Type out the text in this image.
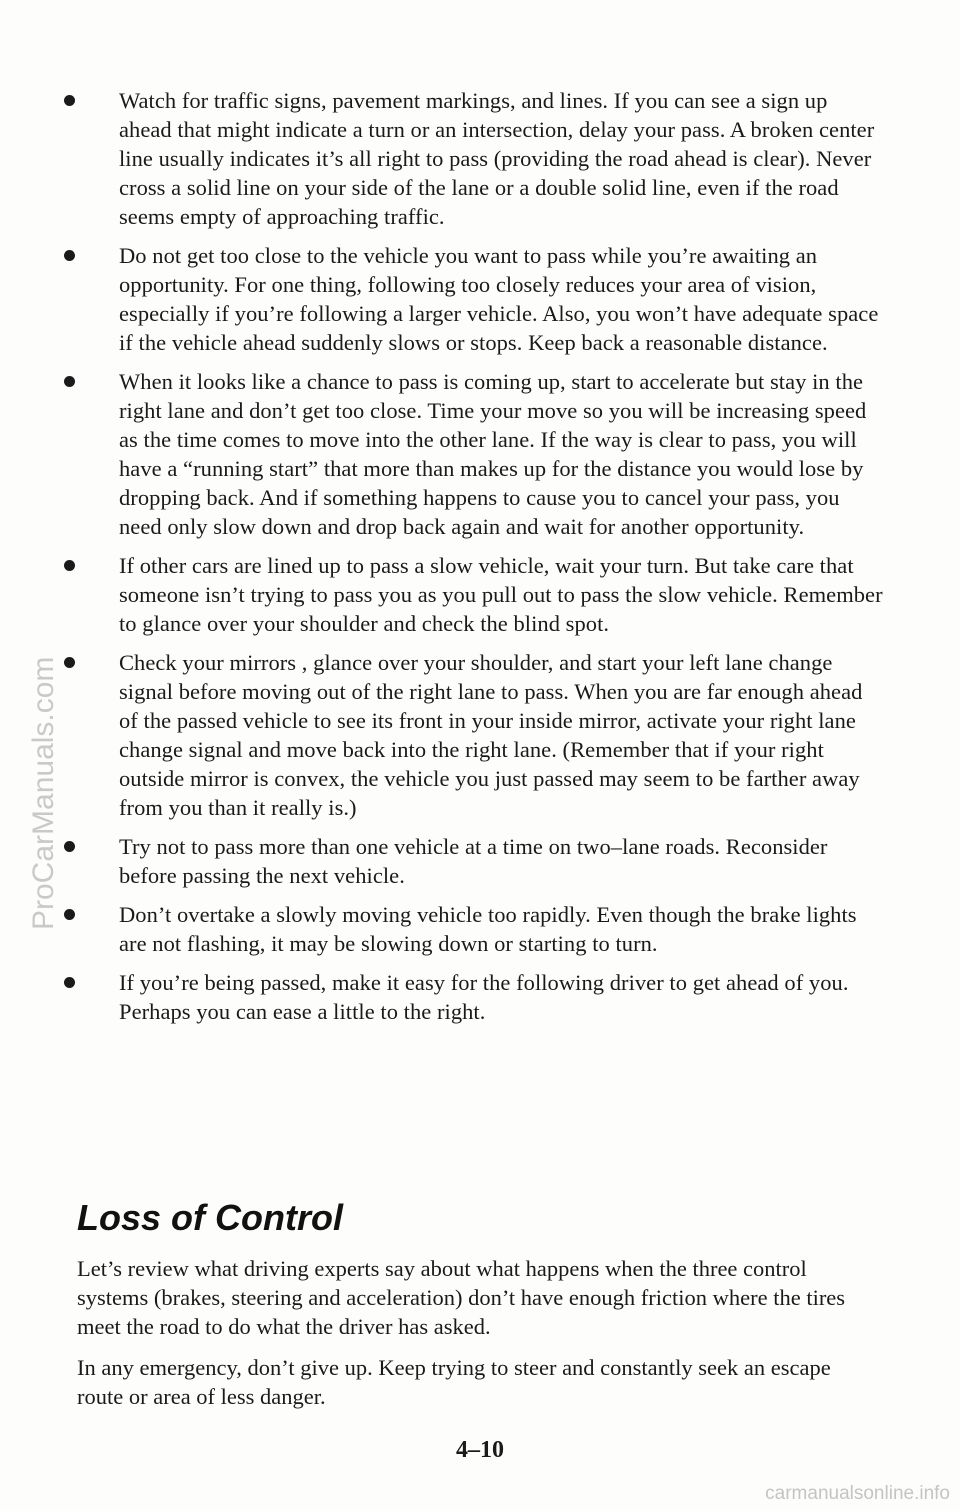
Watch for traffic signs, pavement markings, and lines. If you can see a sign up ahead that might indicate a turn or an intersection, delay your pass. A broken center line usually indicates it’s all right to pass (providing the road ahead is clear). Never cross a solid line on your side of the lane or a double solid line, even if the road seems empty of approaching traffic.
Do not get too close to the vehicle you want to pass while you’re awaiting an opportunity. For one thing, following too closely reduces your area of vision, especially if you’re following a larger vehicle. Also, you won’t have adequate space if the vehicle ahead suddenly slows or stops. Keep back a reasonable distance.
When it looks like a chance to pass is coming up, start to accelerate but stay in the right lane and don’t get too close. Time your move so you will be increasing speed as the time comes to move into the other lane. If the way is clear to pass, you will have a “running start” that more than makes up for the distance you would lose by dropping back. And if something happens to cause you to cancel your pass, you need only slow down and drop back again and wait for another opportunity.
If other cars are lined up to pass a slow vehicle, wait your turn. But take care that someone isn’t trying to pass you as you pull out to pass the slow vehicle. Remember to glance over your shoulder and check the blind spot.
Check your mirrors , glance over your shoulder, and start your left lane change signal before moving out of the right lane to pass. When you are far enough ahead of the passed vehicle to see its front in your inside mirror, activate your right lane change signal and move back into the right lane. (Remember that if your right outside mirror is convex, the vehicle you just passed may seem to be farther away from you than it really is.)
Try not to pass more than one vehicle at a time on two–lane roads. Reconsider before passing the next vehicle.
Don’t overtake a slowly moving vehicle too rapidly. Even though the brake lights are not flashing, it may be slowing down or starting to turn.
If you’re being passed, make it easy for the following driver to get ahead of you. Perhaps you can ease a little to the right.
Loss of Control

Let’s review what driving experts say about what happens when the three control systems (brakes, steering and acceleration) don’t have enough friction where the tires meet the road to do what the driver has asked.

In any emergency, don’t give up. Keep trying to steer and constantly seek an escape route or area of less danger.

4–10
ProCarManuals.com
carmanualsonline.info
